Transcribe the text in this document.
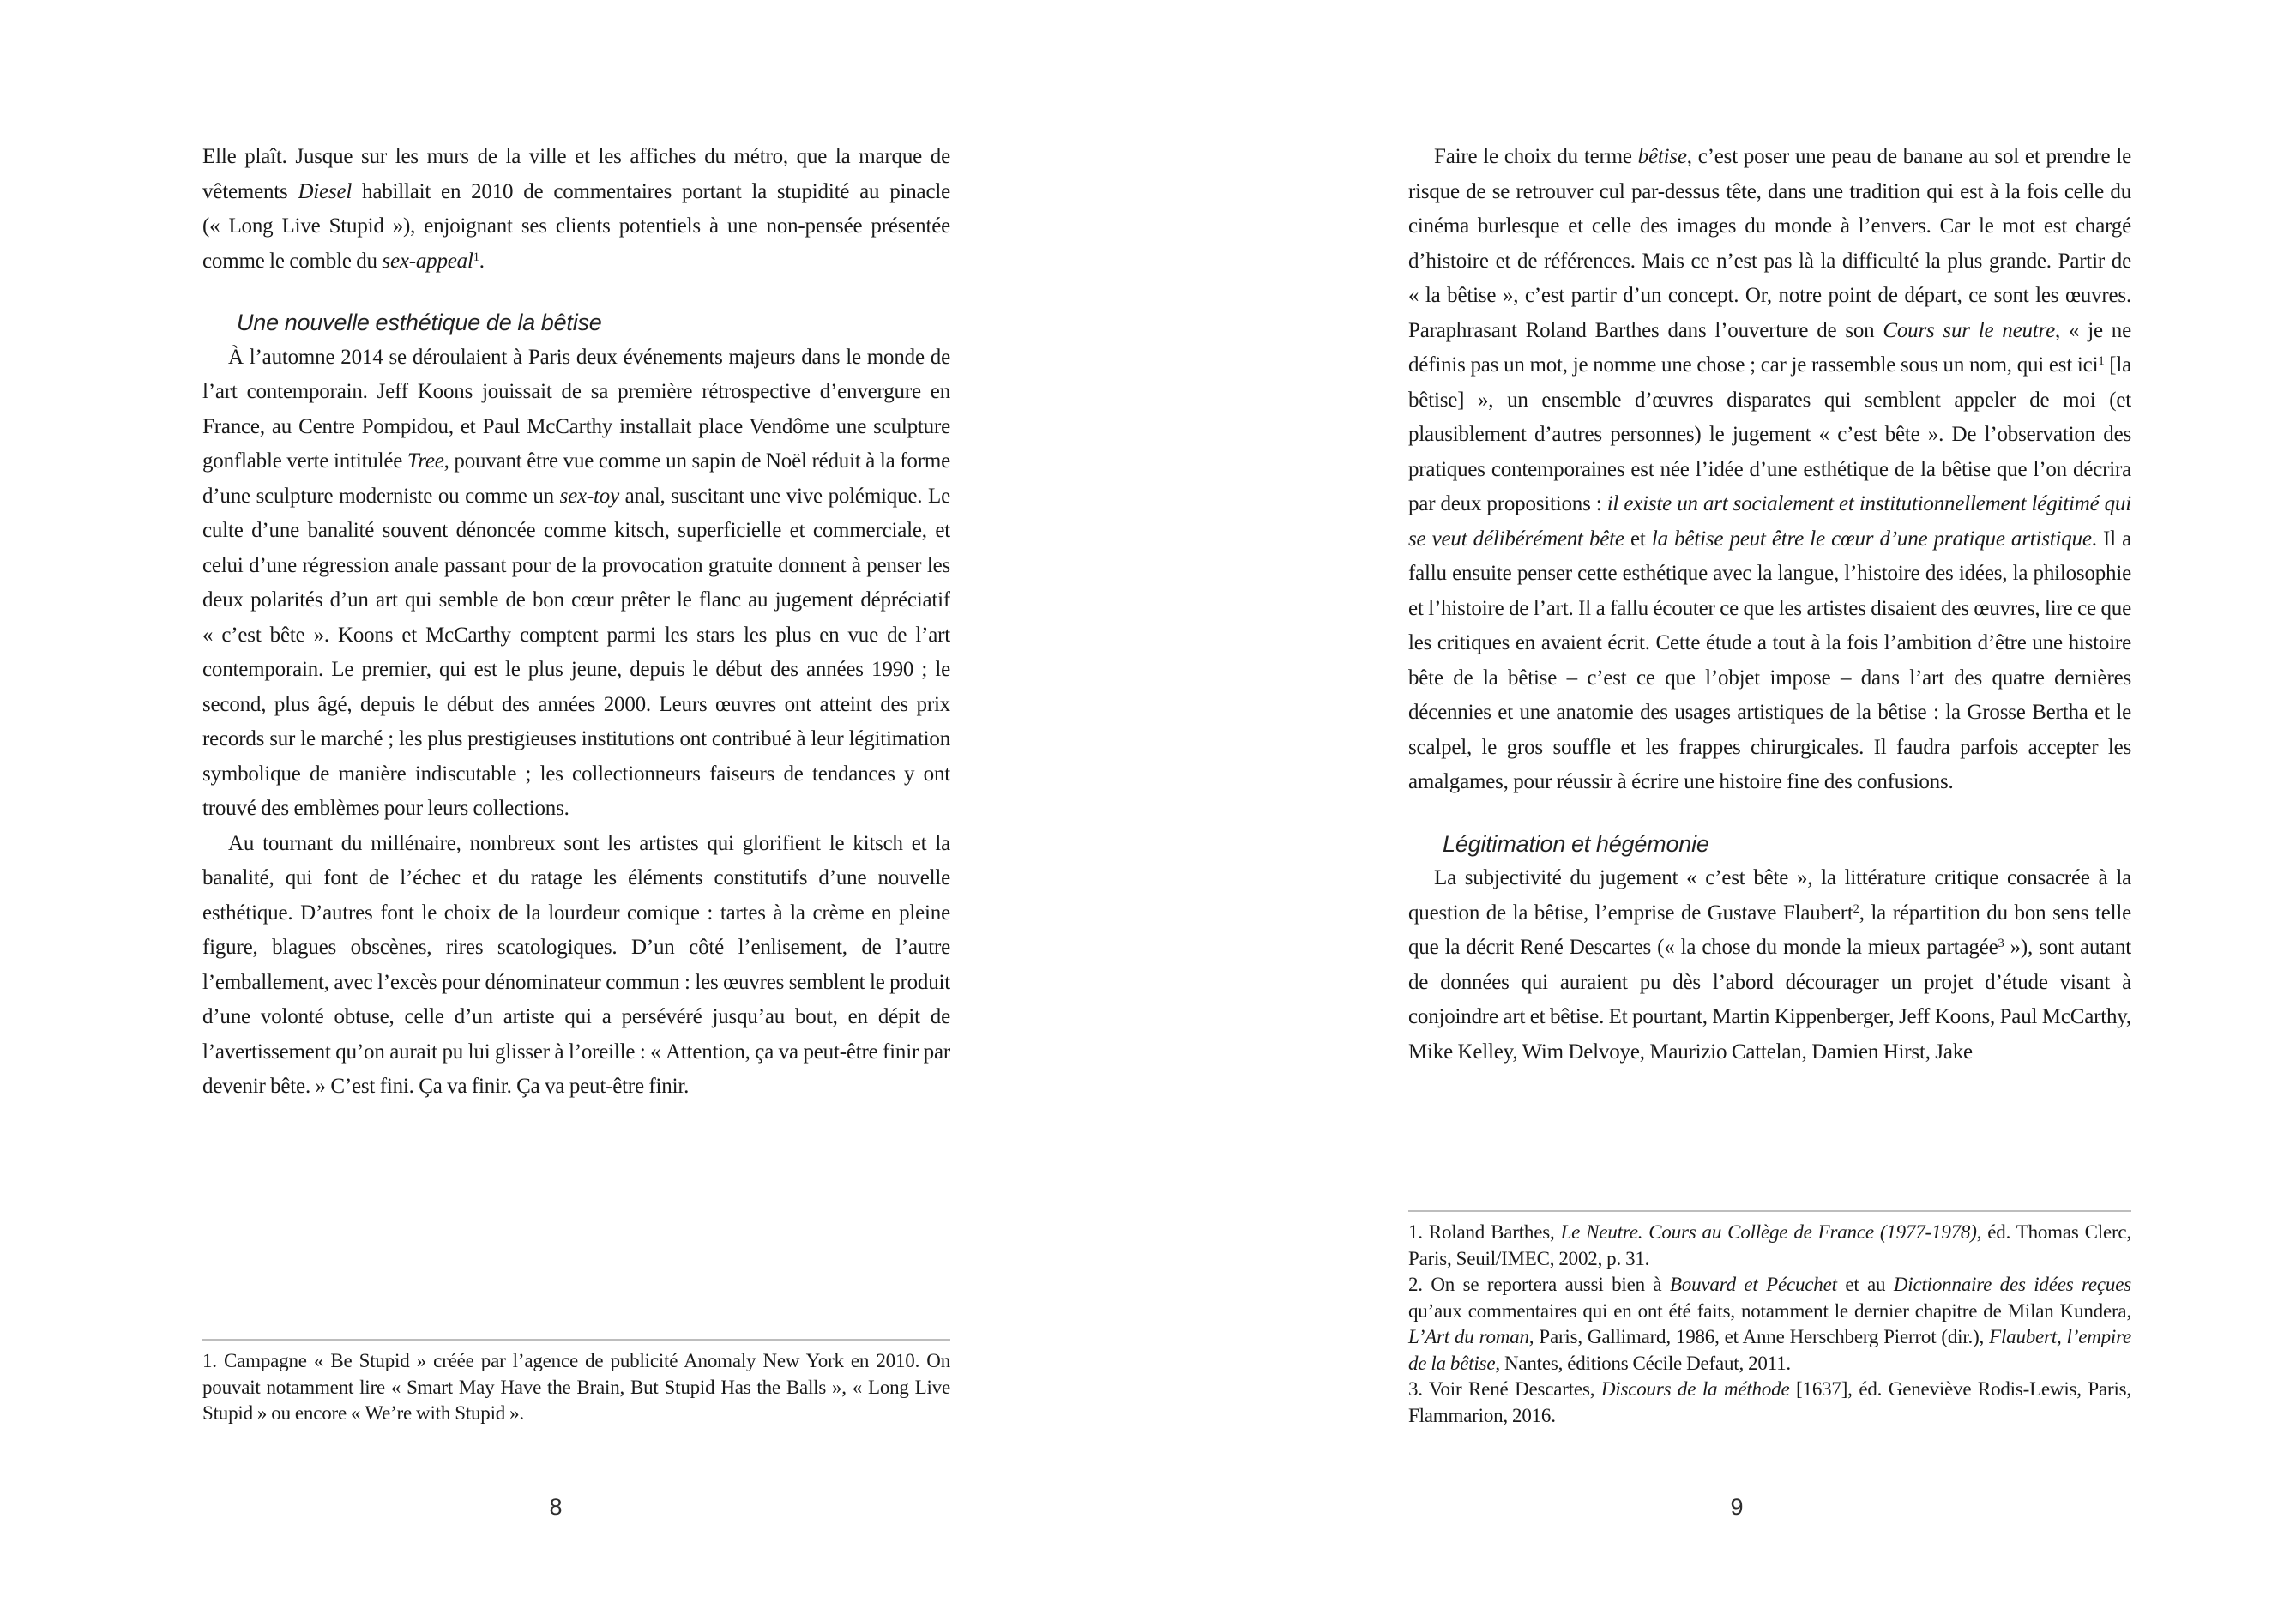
Elle plaît. Jusque sur les murs de la ville et les affiches du métro, que la marque de vêtements Diesel habillait en 2010 de commentaires portant la stupidité au pinacle (« Long Live Stupid »), enjoignant ses clients potentiels à une non-pensée présentée comme le comble du sex-appeal$^1$.

Une nouvelle esthétique de la bêtise

À l’automne 2014 se déroulaient à Paris deux événements majeurs dans le monde de l’art contemporain. Jeff Koons jouissait de sa première rétrospective d’envergure en France, au Centre Pompidou, et Paul McCarthy installait place Vendôme une sculpture gonflable verte intitulée Tree, pouvant être vue comme un sapin de Noël réduit à la forme d’une sculpture moderniste ou comme un sex-toy anal, suscitant une vive polémique. Le culte d’une banalité souvent dénoncée comme kitsch, superficielle et commerciale, et celui d’une régression anale passant pour de la provocation gratuite donnent à penser les deux polarités d’un art qui semble de bon cœur prêter le flanc au jugement dépréciatif « c’est bête ». Koons et McCarthy comptent parmi les stars les plus en vue de l’art contemporain. Le premier, qui est le plus jeune, depuis le début des années 1990 ; le second, plus âgé, depuis le début des années 2000. Leurs œuvres ont atteint des prix records sur le marché ; les plus prestigieuses institutions ont contribué à leur légitimation symbolique de manière indiscutable ; les collectionneurs faiseurs de tendances y ont trouvé des emblèmes pour leurs collections.

Au tournant du millénaire, nombreux sont les artistes qui glorifient le kitsch et la banalité, qui font de l’échec et du ratage les éléments constitutifs d’une nouvelle esthétique. D’autres font le choix de la lourdeur comique : tartes à la crème en pleine figure, blagues obscènes, rires scatologiques. D’un côté l’enlisement, de l’autre l’emballement, avec l’excès pour dénominateur commun : les œuvres semblent le produit d’une volonté obtuse, celle d’un artiste qui a persévéré jusqu’au bout, en dépit de l’avertissement qu’on aurait pu lui glisser à l’oreille : « Attention, ça va peut-être finir par devenir bête. » C’est fini. Ça va finir. Ça va peut-être finir.

1. Campagne « Be Stupid » créée par l’agence de publicité Anomaly New York en 2010. On pouvait notamment lire « Smart May Have the Brain, But Stupid Has the Balls », « Long Live Stupid » ou encore « We’re with Stupid ».

8

Faire le choix du terme bêtise, c’est poser une peau de banane au sol et prendre le risque de se retrouver cul par-dessus tête, dans une tradition qui est à la fois celle du cinéma burlesque et celle des images du monde à l’envers. Car le mot est chargé d’histoire et de références. Mais ce n’est pas là la difficulté la plus grande. Partir de « la bêtise », c’est partir d’un concept. Or, notre point de départ, ce sont les œuvres. Paraphrasant Roland Barthes dans l’ouverture de son Cours sur le neutre, « je ne définis pas un mot, je nomme une chose ; car je rassemble sous un nom, qui est ici$^1$ [la bêtise] », un ensemble d’œuvres disparates qui semblent appeler de moi (et plausiblement d’autres personnes) le jugement « c’est bête ». De l’observation des pratiques contemporaines est née l’idée d’une esthétique de la bêtise que l’on décrira par deux propositions : il existe un art socialement et institutionnellement légitimé qui se veut délibérément bête et la bêtise peut être le cœur d’une pratique artistique. Il a fallu ensuite penser cette esthétique avec la langue, l’histoire des idées, la philosophie et l’histoire de l’art. Il a fallu écouter ce que les artistes disaient des œuvres, lire ce que les critiques en avaient écrit. Cette étude a tout à la fois l’ambition d’être une histoire bête de la bêtise – c’est ce que l’objet impose – dans l’art des quatre dernières décennies et une anatomie des usages artistiques de la bêtise : la Grosse Bertha et le scalpel, le gros souffle et les frappes chirurgicales. Il faudra parfois accepter les amalgames, pour réussir à écrire une histoire fine des confusions.

Légitimation et hégémonie

La subjectivité du jugement « c’est bête », la littérature critique consacrée à la question de la bêtise, l’emprise de Gustave Flaubert$^2$, la répartition du bon sens telle que la décrit René Descartes (« la chose du monde la mieux partagée$^3$ »), sont autant de données qui auraient pu dès l’abord décourager un projet d’étude visant à conjoindre art et bêtise. Et pourtant, Martin Kippenberger, Jeff Koons, Paul McCarthy, Mike Kelley, Wim Delvoye, Maurizio Cattelan, Damien Hirst, Jake

1. Roland Barthes, Le Neutre. Cours au Collège de France (1977-1978), éd. Thomas Clerc, Paris, Seuil/IMEC, 2002, p. 31.

2. On se reportera aussi bien à Bouvard et Pécuchet et au Dictionnaire des idées reçues qu’aux commentaires qui en ont été faits, notamment le dernier chapitre de Milan Kundera, L’Art du roman, Paris, Gallimard, 1986, et Anne Herschberg Pierrot (dir.), Flaubert, l’empire de la bêtise, Nantes, éditions Cécile Defaut, 2011.

3. Voir René Descartes, Discours de la méthode [1637], éd. Geneviève Rodis-Lewis, Paris, Flammarion, 2016.

9
